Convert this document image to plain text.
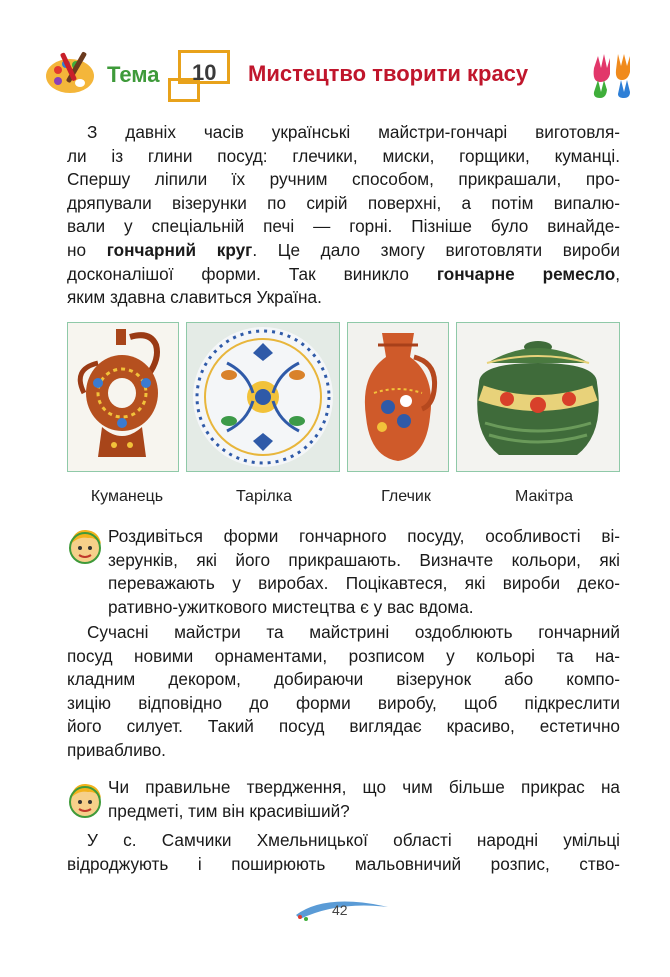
Тема 10 Мистецтво творити красу
З давніх часів українські майстри-гончарі виготовля-
ли із глини посуд: глечики, миски, горщики, куманці.
Спершу ліпили їх ручним способом, прикрашали, про-
дряпували візерунки по сирій поверхні, а потім випалю-
вали у спеціальній печі — горні. Пізніше було винайде-
но гончарний круг. Це дало змогу виготовляти вироби
досконалішої форми. Так виникло гончарне ремесло,
яким здавна славиться Україна.
Куманець	Тарілка	Глечик	Макітра
Роздивіться форми гончарного посуду, особливості ві-
зерунків, які його прикрашають. Визначте кольори, які
переважають у виробах. Поцікавтеся, які вироби деко-
ративно-ужиткового мистецтва є у вас вдома.
Сучасні майстри та майстрині оздоблюють гончарний
посуд новими орнаментами, розписом у кольорі та на-
кладним декором, добираючи візерунок або компо-
зицію відповідно до форми виробу, щоб підкреслити
його силует. Такий посуд виглядає красиво, естетично
привабливо.
Чи правильне твердження, що чим більше прикрас на
предметі, тим він красивіший?
У с. Самчики Хмельницької області народні умільці
відроджують і поширюють мальовничий розпис, ство-
42
